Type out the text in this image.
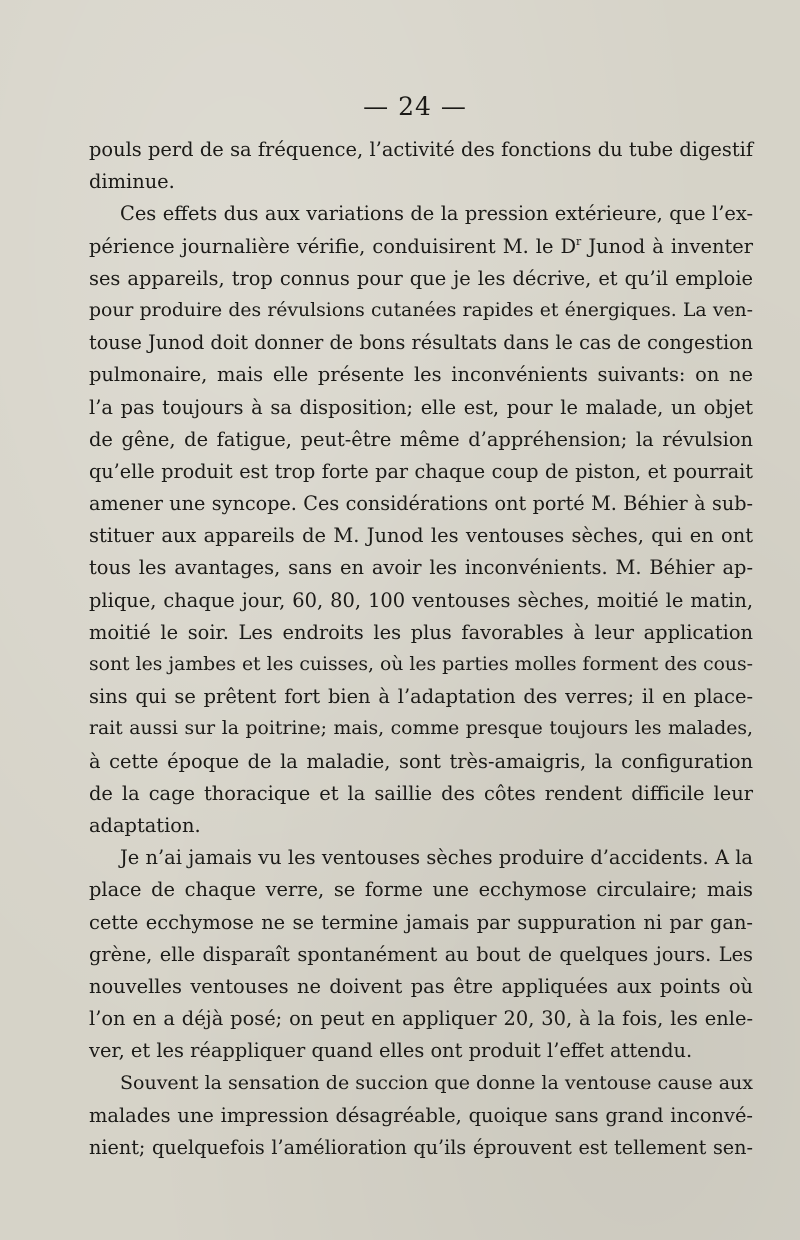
— 24 —
pouls perd de sa fréquence, l’activité des fonctions du tube digestif
diminue.
Ces effets dus aux variations de la pression extérieure, que l’ex-
périence journalière vérifie, conduisirent M. le $D^r$ Junod à inventer
ses appareils, trop connus pour que je les décrive, et qu’il emploie
pour produire des révulsions cutanées rapides et énergiques. La ven-
touse Junod doit donner de bons résultats dans le cas de congestion
pulmonaire, mais elle présente les inconvénients suivants: on ne
l’a pas toujours à sa disposition; elle est, pour le malade, un objet
de gêne, de fatigue, peut-être même d’appréhension; la révulsion
qu’elle produit est trop forte par chaque coup de piston, et pourrait
amener une syncope. Ces considérations ont porté M. Béhier à sub-
stituer aux appareils de M. Junod les ventouses sèches, qui en ont
tous les avantages, sans en avoir les inconvénients. M. Béhier ap-
plique, chaque jour, 60, 80, 100 ventouses sèches, moitié le matin,
moitié le soir. Les endroits les plus favorables à leur application
sont les jambes et les cuisses, où les parties molles forment des cous-
sins qui se prêtent fort bien à l’adaptation des verres; il en place-
rait aussi sur la poitrine; mais, comme presque toujours les malades,
à cette époque de la maladie, sont très-amaigris, la configuration
de la cage thoracique et la saillie des côtes rendent difficile leur
adaptation.
Je n’ai jamais vu les ventouses sèches produire d’accidents. A la
place de chaque verre, se forme une ecchymose circulaire; mais
cette ecchymose ne se termine jamais par suppuration ni par gan-
grène, elle disparaît spontanément au bout de quelques jours. Les
nouvelles ventouses ne doivent pas être appliquées aux points où
l’on en a déjà posé; on peut en appliquer 20, 30, à la fois, les enle-
ver, et les réappliquer quand elles ont produit l’effet attendu.
Souvent la sensation de succion que donne la ventouse cause aux
malades une impression désagréable, quoique sans grand inconvé-
nient; quelquefois l’amélioration qu’ils éprouvent est tellement sen-
